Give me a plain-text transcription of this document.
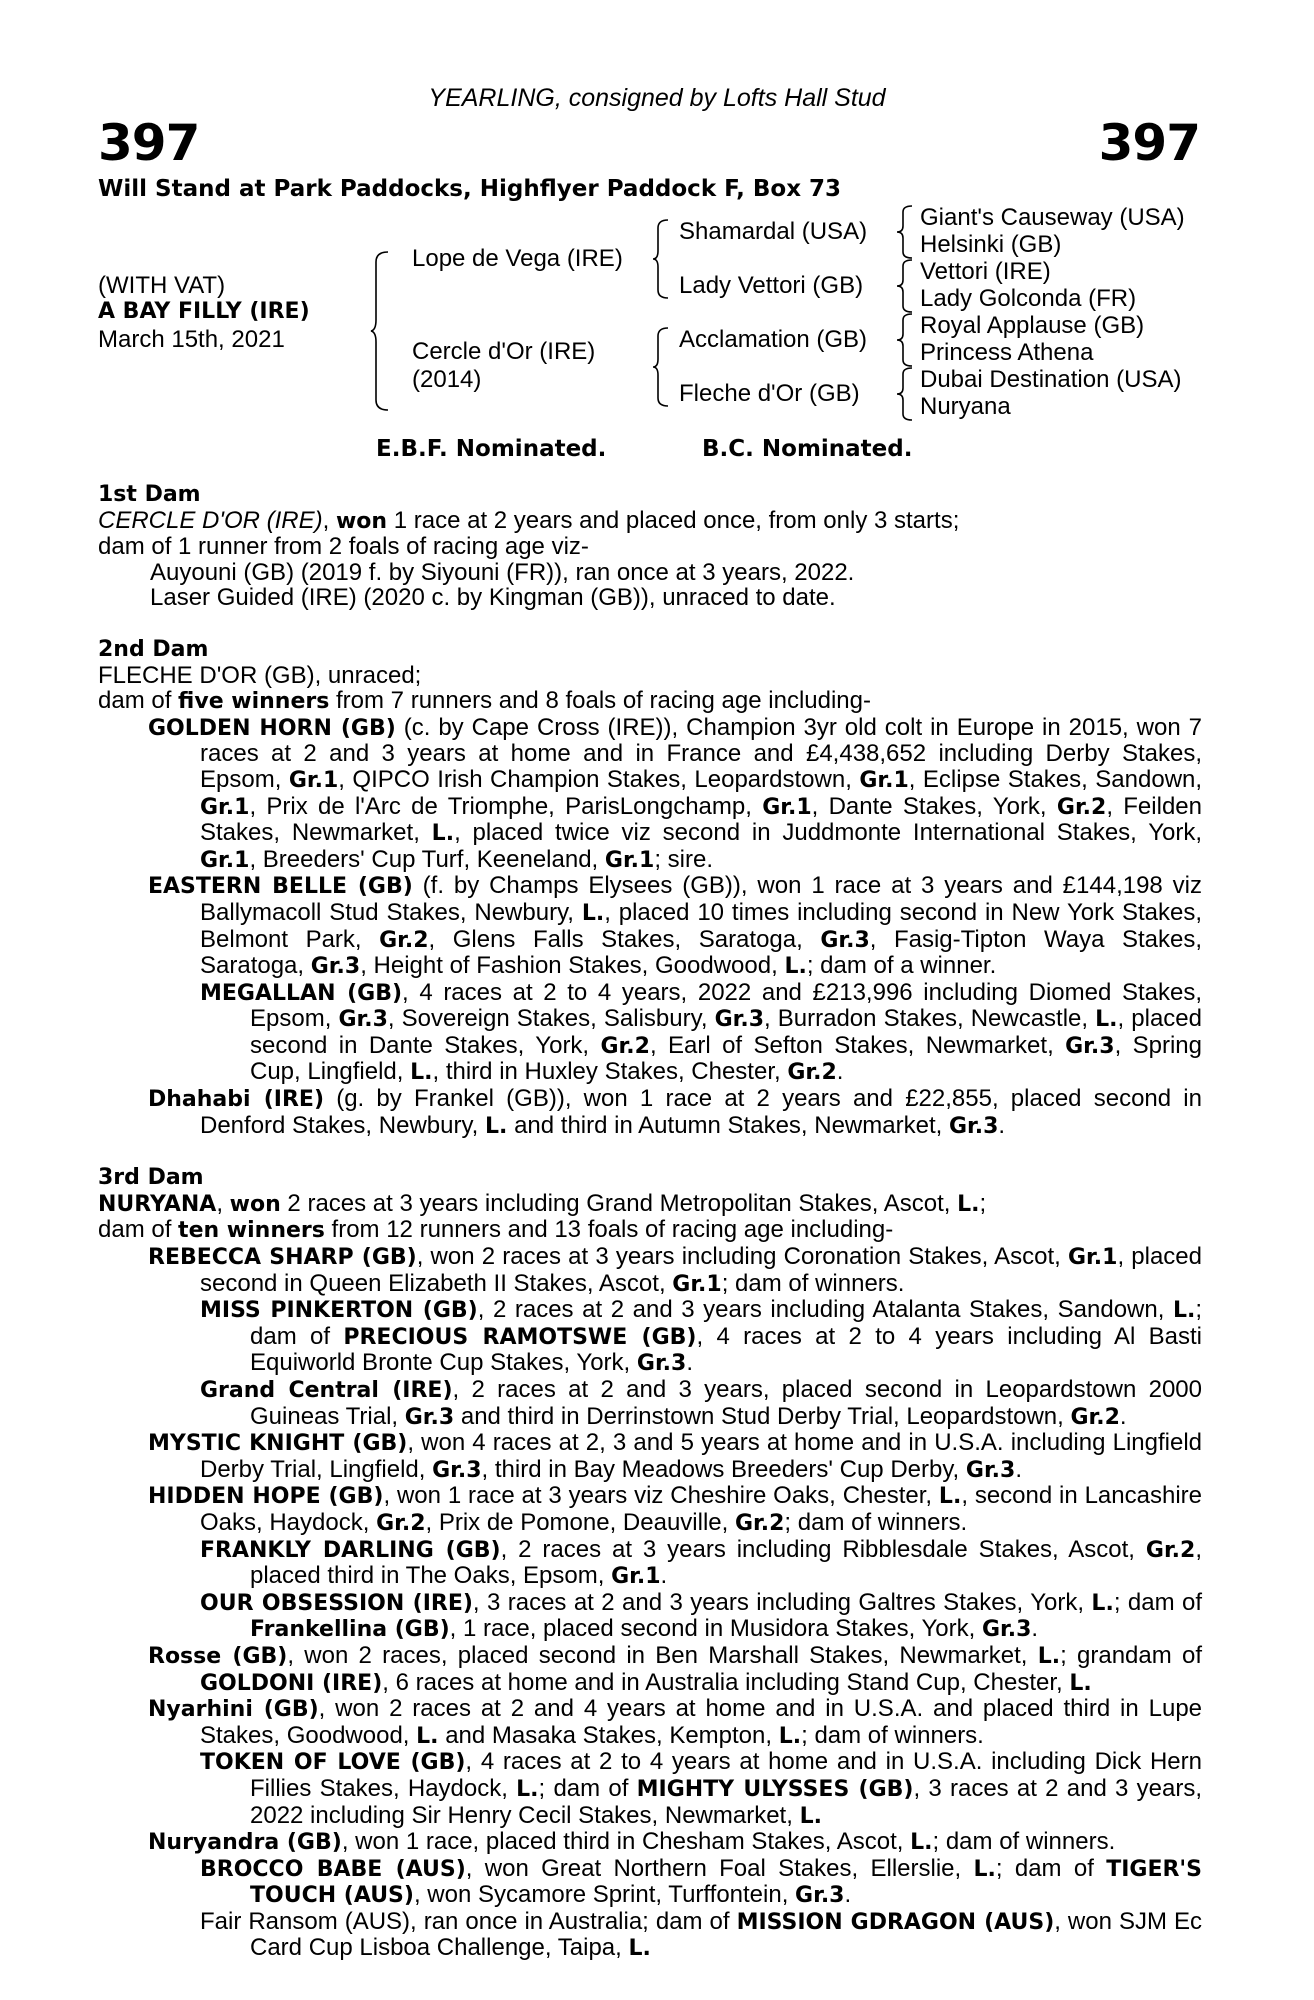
YEARLING, consigned by Lofts Hall Stud
397	397
Will Stand at Park Paddocks, Highflyer Paddock F, Box 73
(WITH VAT)
A BAY FILLY (IRE)
March 15th, 2021
Lope de Vega (IRE)
Cercle d'Or (IRE)
(2014)
Shamardal (USA)
Lady Vettori (GB)
Acclamation (GB)
Fleche d'Or (GB)
Giant's Causeway (USA)
Helsinki (GB)
Vettori (IRE)
Lady Golconda (FR)
Royal Applause (GB)
Princess Athena
Dubai Destination (USA)
Nuryana
E.B.F. Nominated.	B.C. Nominated.
1st Dam
CERCLE D'OR (IRE), won 1 race at 2 years and placed once, from only 3 starts;
dam of 1 runner from 2 foals of racing age viz-
Auyouni (GB) (2019 f. by Siyouni (FR)), ran once at 3 years, 2022.
Laser Guided (IRE) (2020 c. by Kingman (GB)), unraced to date.
2nd Dam
FLECHE D'OR (GB), unraced;
dam of five winners from 7 runners and 8 foals of racing age including-
GOLDEN HORN (GB) (c. by Cape Cross (IRE)), Champion 3yr old colt in Europe in 2015, won 7 races at 2 and 3 years at home and in France and £4,438,652 including Derby Stakes, Epsom, Gr.1, QIPCO Irish Champion Stakes, Leopardstown, Gr.1, Eclipse Stakes, Sandown, Gr.1, Prix de l'Arc de Triomphe, ParisLongchamp, Gr.1, Dante Stakes, York, Gr.2, Feilden Stakes, Newmarket, L., placed twice viz second in Juddmonte International Stakes, York, Gr.1, Breeders' Cup Turf, Keeneland, Gr.1; sire.
EASTERN BELLE (GB) (f. by Champs Elysees (GB)), won 1 race at 3 years and £144,198 viz Ballymacoll Stud Stakes, Newbury, L., placed 10 times including second in New York Stakes, Belmont Park, Gr.2, Glens Falls Stakes, Saratoga, Gr.3, Fasig-Tipton Waya Stakes, Saratoga, Gr.3, Height of Fashion Stakes, Goodwood, L.; dam of a winner.
MEGALLAN (GB), 4 races at 2 to 4 years, 2022 and £213,996 including Diomed Stakes, Epsom, Gr.3, Sovereign Stakes, Salisbury, Gr.3, Burradon Stakes, Newcastle, L., placed second in Dante Stakes, York, Gr.2, Earl of Sefton Stakes, Newmarket, Gr.3, Spring Cup, Lingfield, L., third in Huxley Stakes, Chester, Gr.2.
Dhahabi (IRE) (g. by Frankel (GB)), won 1 race at 2 years and £22,855, placed second in Denford Stakes, Newbury, L. and third in Autumn Stakes, Newmarket, Gr.3.
3rd Dam
NURYANA, won 2 races at 3 years including Grand Metropolitan Stakes, Ascot, L.;
dam of ten winners from 12 runners and 13 foals of racing age including-
REBECCA SHARP (GB), won 2 races at 3 years including Coronation Stakes, Ascot, Gr.1, placed second in Queen Elizabeth II Stakes, Ascot, Gr.1; dam of winners.
MISS PINKERTON (GB), 2 races at 2 and 3 years including Atalanta Stakes, Sandown, L.; dam of PRECIOUS RAMOTSWE (GB), 4 races at 2 to 4 years including Al Basti Equiworld Bronte Cup Stakes, York, Gr.3.
Grand Central (IRE), 2 races at 2 and 3 years, placed second in Leopardstown 2000 Guineas Trial, Gr.3 and third in Derrinstown Stud Derby Trial, Leopardstown, Gr.2.
MYSTIC KNIGHT (GB), won 4 races at 2, 3 and 5 years at home and in U.S.A. including Lingfield Derby Trial, Lingfield, Gr.3, third in Bay Meadows Breeders' Cup Derby, Gr.3.
HIDDEN HOPE (GB), won 1 race at 3 years viz Cheshire Oaks, Chester, L., second in Lancashire Oaks, Haydock, Gr.2, Prix de Pomone, Deauville, Gr.2; dam of winners.
FRANKLY DARLING (GB), 2 races at 3 years including Ribblesdale Stakes, Ascot, Gr.2, placed third in The Oaks, Epsom, Gr.1.
OUR OBSESSION (IRE), 3 races at 2 and 3 years including Galtres Stakes, York, L.; dam of Frankellina (GB), 1 race, placed second in Musidora Stakes, York, Gr.3.
Rosse (GB), won 2 races, placed second in Ben Marshall Stakes, Newmarket, L.; grandam of GOLDONI (IRE), 6 races at home and in Australia including Stand Cup, Chester, L.
Nyarhini (GB), won 2 races at 2 and 4 years at home and in U.S.A. and placed third in Lupe Stakes, Goodwood, L. and Masaka Stakes, Kempton, L.; dam of winners.
TOKEN OF LOVE (GB), 4 races at 2 to 4 years at home and in U.S.A. including Dick Hern Fillies Stakes, Haydock, L.; dam of MIGHTY ULYSSES (GB), 3 races at 2 and 3 years, 2022 including Sir Henry Cecil Stakes, Newmarket, L.
Nuryandra (GB), won 1 race, placed third in Chesham Stakes, Ascot, L.; dam of winners.
BROCCO BABE (AUS), won Great Northern Foal Stakes, Ellerslie, L.; dam of TIGER'S TOUCH (AUS), won Sycamore Sprint, Turffontein, Gr.3.
Fair Ransom (AUS), ran once in Australia; dam of MISSION GDRAGON (AUS), won SJM Ec Card Cup Lisboa Challenge, Taipa, L.
